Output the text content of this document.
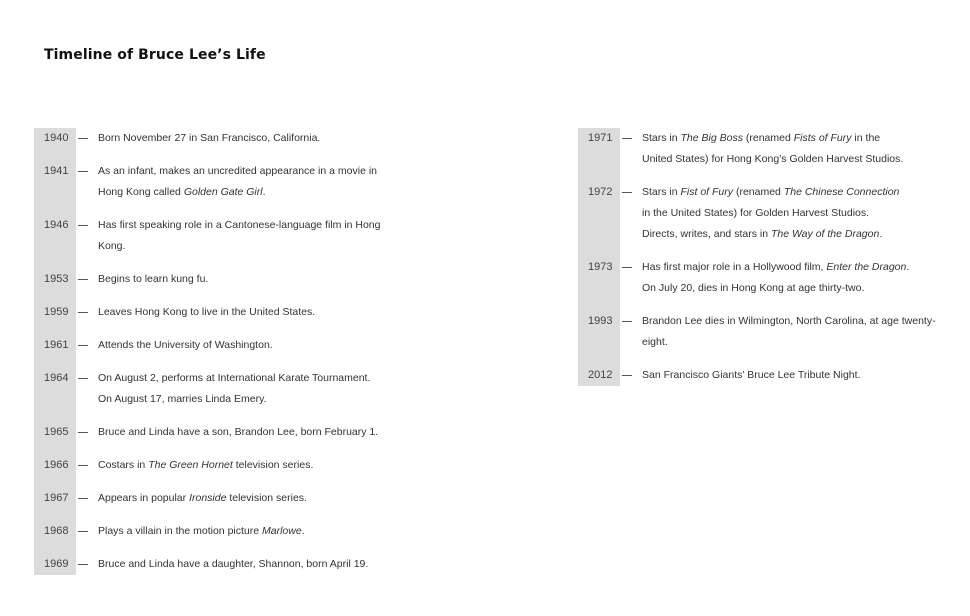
Timeline of Bruce Lee’s Life
1940	Born November 27 in San Francisco, California.
1941	As an infant, makes an uncredited appearance in a movie in
Hong Kong called Golden Gate Girl.
1946	Has first speaking role in a Cantonese-language film in Hong
Kong.
1953	Begins to learn kung fu.
1959	Leaves Hong Kong to live in the United States.
1961	Attends the University of Washington.
1964	On August 2, performs at International Karate Tournament.
On August 17, marries Linda Emery.
1965	Bruce and Linda have a son, Brandon Lee, born February 1.
1966	Costars in The Green Hornet television series.
1967	Appears in popular Ironside television series.
1968	Plays a villain in the motion picture Marlowe.
1969	Bruce and Linda have a daughter, Shannon, born April 19.
1971	Stars in The Big Boss (renamed Fists of Fury in the
United States) for Hong Kong’s Golden Harvest Studios.
1972	Stars in Fist of Fury (renamed The Chinese Connection
in the United States) for Golden Harvest Studios.
Directs, writes, and stars in The Way of the Dragon.
1973	Has first major role in a Hollywood film, Enter the Dragon.
On July 20, dies in Hong Kong at age thirty-two.
1993	Brandon Lee dies in Wilmington, North Carolina, at age twenty-
eight.
2012	San Francisco Giants’ Bruce Lee Tribute Night.
